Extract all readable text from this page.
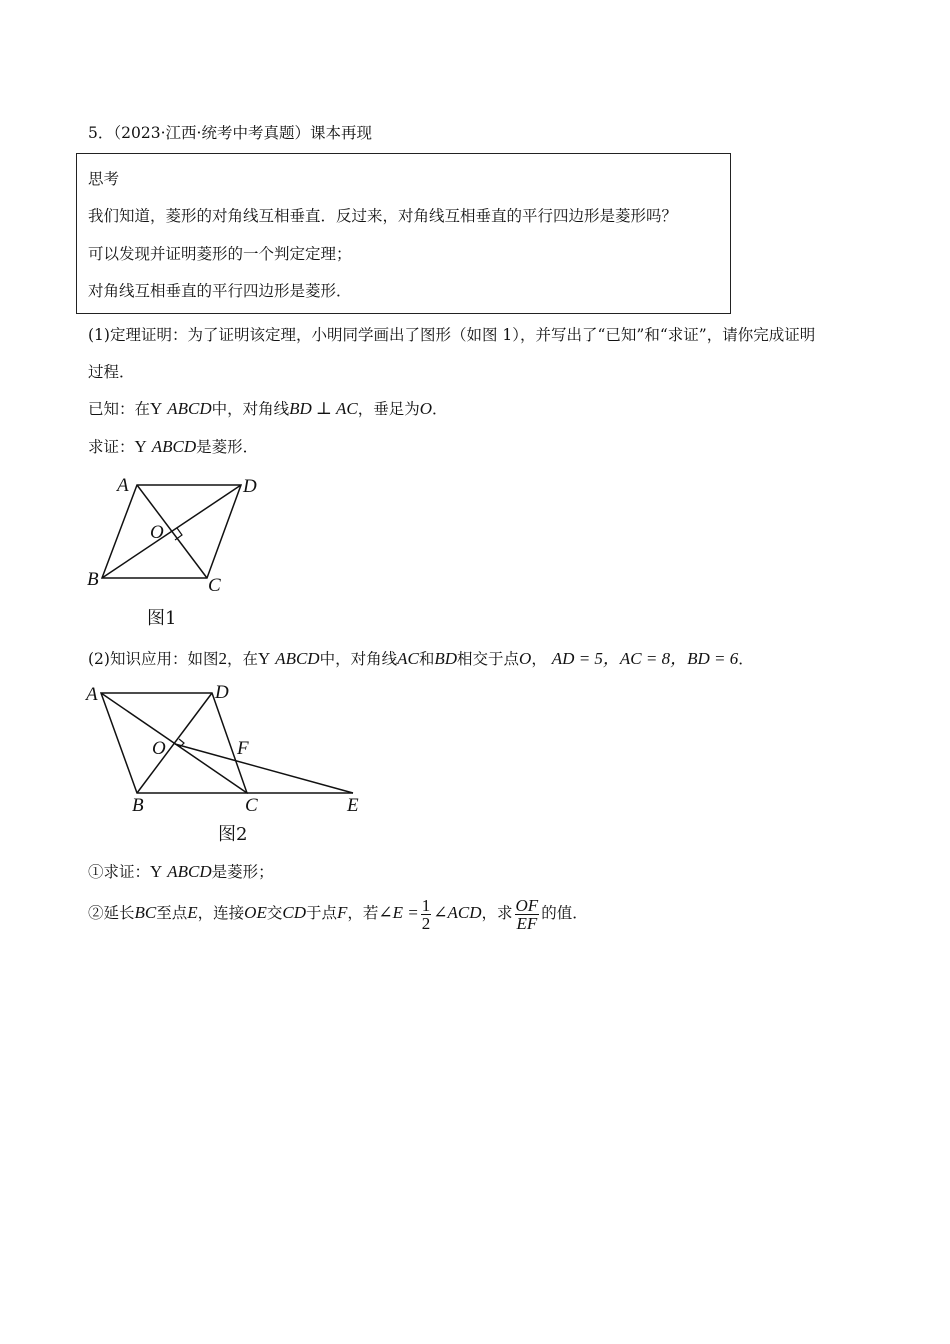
5．（2023·江西·统考中考真题）课本再现
思考
我们知道，菱形的对角线互相垂直．反过来，对角线互相垂直的平行四边形是菱形吗？
可以发现并证明菱形的一个判定定理；
对角线互相垂直的平行四边形是菱形．
(1)定理证明：为了证明该定理，小明同学画出了图形（如图 1），并写出了“已知”和“求证”，请你完成证明
过程．
已知：在Y ABCD中，对角线BD ⊥ AC，垂足为O．
求证：Y ABCD是菱形．
A	D
O
B	C
图1
A	D
O	F
B	C	E
图2
(2)知识应用：如图2，在Y ABCD中，对角线AC和BD相交于点O， AD = 5，AC = 8，BD = 6．
①求证：Y ABCD是菱形；
②延长BC至点E，连接OE交CD于点F，若∠E = $\frac{1}{2}$ ∠ACD，求 $\frac{OF}{EF}$ 的值．
